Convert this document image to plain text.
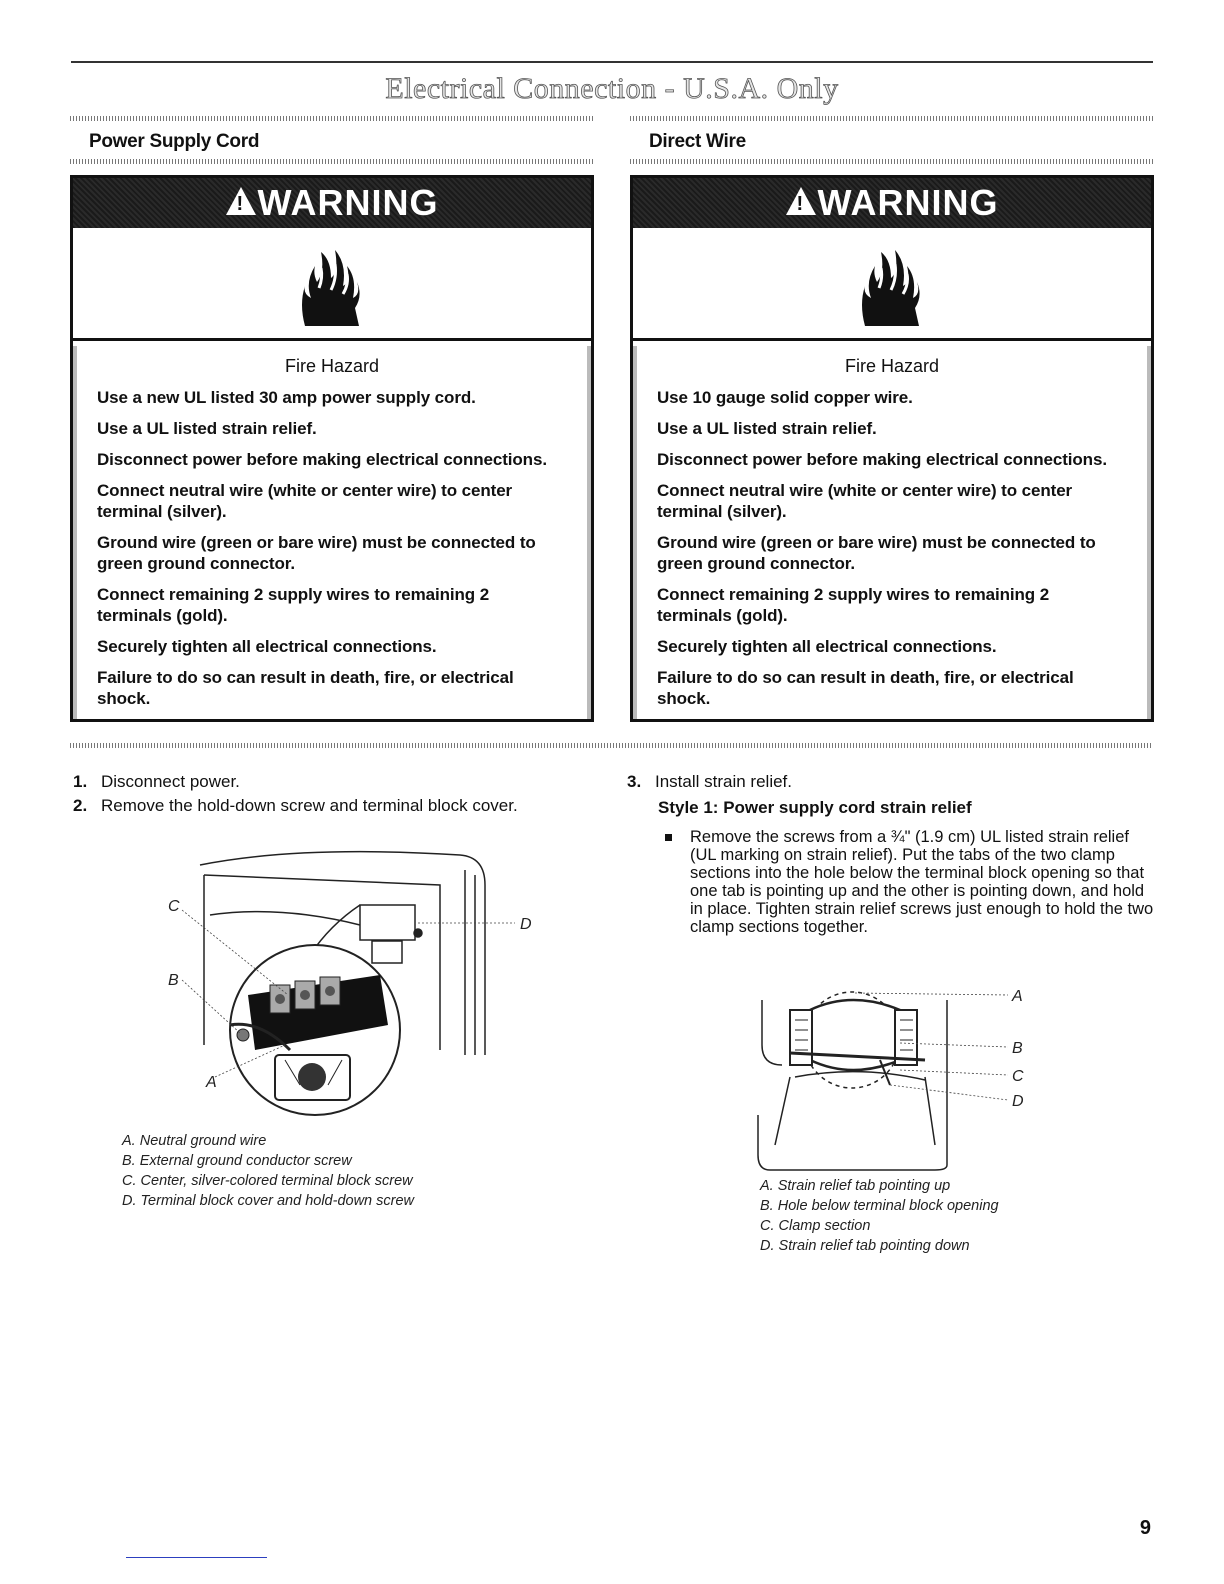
Electrical Connection - U.S.A. Only
Power Supply Cord	Direct Wire
!
WARNING
Fire Hazard
Use a new UL listed 30 amp power supply cord.
Use a UL listed strain relief.
Disconnect power before making electrical connections.
Connect neutral wire (white or center wire) to center terminal (silver).
Ground wire (green or bare wire) must be connected to green ground connector.
Connect remaining 2 supply wires to remaining 2 terminals (gold).
Securely tighten all electrical connections.
Failure to do so can result in death, fire, or electrical shock.
!
WARNING
Fire Hazard
Use 10 gauge solid copper wire.
Use a UL listed strain relief.
Disconnect power before making electrical connections.
Connect neutral wire (white or center wire) to center terminal (silver).
Ground wire (green or bare wire) must be connected to green ground connector.
Connect remaining 2 supply wires to remaining 2 terminals (gold).
Securely tighten all electrical connections.
Failure to do so can result in death, fire, or electrical shock.
1. Disconnect power.
2. Remove the hold-down screw and terminal block cover.
3. Install strain relief.
Style 1: Power supply cord strain relief
Remove the screws from a ¾" (1.9 cm) UL listed strain relief (UL marking on strain relief). Put the tabs of the two clamp sections into the hole below the terminal block opening so that one tab is pointing up and the other is pointing down, and hold in place. Tighten strain relief screws just enough to hold the two clamp sections together.
C
B
A
D
A. Neutral ground wire
B. External ground conductor screw
C. Center, silver-colored terminal block screw
D. Terminal block cover and hold-down screw
A
B
C
D
A. Strain relief tab pointing up
B. Hole below terminal block opening
C. Clamp section
D. Strain relief tab pointing down
9
